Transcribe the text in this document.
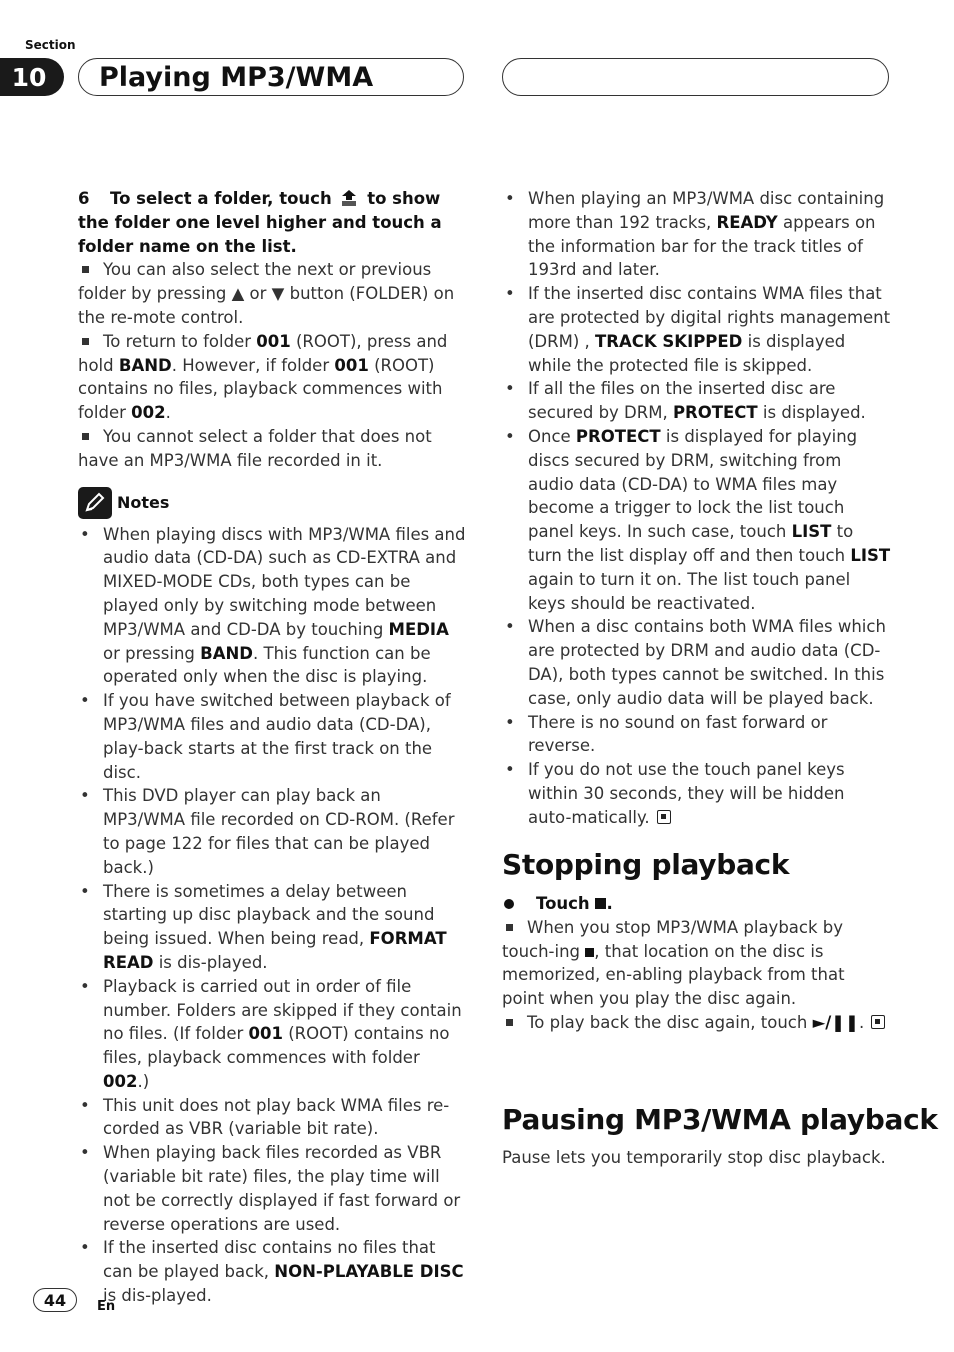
Section
10	Playing MP3/WMA

6 To select a folder, touch to show the folder one level higher and touch a folder name on the list.

You can also select the next or previous folder by pressing ▲ or ▼ button (FOLDER) on the re-mote control.

To return to folder 001 (ROOT), press and hold BAND. However, if folder 001 (ROOT) contains no files, playback commences with folder 002.

You cannot select a folder that does not have an MP3/WMA file recorded in it.

Notes
• When playing discs with MP3/WMA files and audio data (CD-DA) such as CD-EXTRA and MIXED-MODE CDs, both types can be played only by switching mode between MP3/WMA and CD-DA by touching MEDIA or pressing BAND. This function can be operated only when the disc is playing.
• If you have switched between playback of MP3/WMA files and audio data (CD-DA), play-back starts at the first track on the disc.
• This DVD player can play back an MP3/WMA file recorded on CD-ROM. (Refer to page 122 for files that can be played back.)
• There is sometimes a delay between starting up disc playback and the sound being issued. When being read, FORMAT READ is dis-played.
• Playback is carried out in order of file number. Folders are skipped if they contain no files. (If folder 001 (ROOT) contains no files, playback commences with folder 002.)
• This unit does not play back WMA files re-corded as VBR (variable bit rate).
• When playing back files recorded as VBR (variable bit rate) files, the play time will not be correctly displayed if fast forward or reverse operations are used.
• If the inserted disc contains no files that can be played back, NON-PLAYABLE DISC is dis-played.
• When playing an MP3/WMA disc containing more than 192 tracks, READY appears on the information bar for the track titles of 193rd and later.
• If the inserted disc contains WMA files that are protected by digital rights management (DRM) , TRACK SKIPPED is displayed while the protected file is skipped.
• If all the files on the inserted disc are secured by DRM, PROTECT is displayed.
• Once PROTECT is displayed for playing discs secured by DRM, switching from audio data (CD-DA) to WMA files may become a trigger to lock the list touch panel keys. In such case, touch LIST to turn the list display off and then touch LIST again to turn it on. The list touch panel keys should be reactivated.
• When a disc contains both WMA files which are protected by DRM and audio data (CD-DA), both types cannot be switched. In this case, only audio data will be played back.
• There is no sound on fast forward or reverse.
• If you do not use the touch panel keys within 30 seconds, they will be hidden auto-matically.
Stopping playback
Touch
.

When you stop MP3/WMA playback by touch-ing , that location on the disc is memorized, en-abling playback from that point when you play the disc again.

To play back the disc again, touch ►/❚❚.

Pausing MP3/WMA playback
Pause lets you temporarily stop disc playback.
44	En
